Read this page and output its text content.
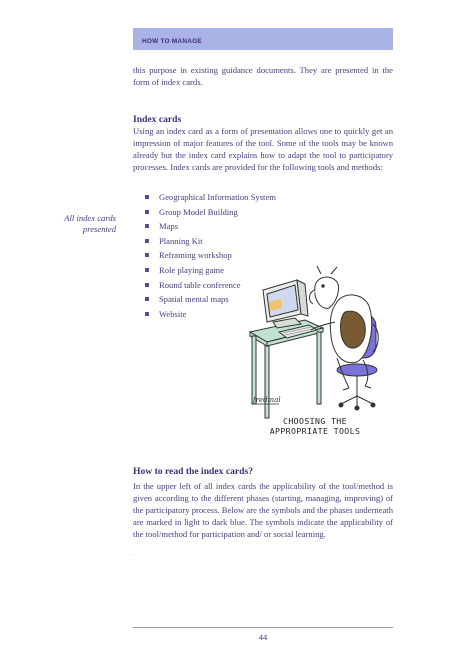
HOW TO MANAGE

this purpose in existing guidance documents. They are presented in the form of index cards.

Index cards

Using an index card as a form of presentation allows one to quickly get an impression of major features of the tool. Some of the tools may be known already but the index card explains how to adapt the tool to participatory processes. Index cards are provided for the following tools and methods:

All index cards
presented
Geographical Information System
Group Model Building
Maps
Planning Kit
Reframing workshop
Role playing game
Round table conference
Spatial mental maps
Website
fredmal
CHOOSING THE
APPROPRIATE TOOLS
How to read the index cards?

In the upper left of all index cards the applicability of the tool/method is given according to the different phases (starting, managing, improving) of the participatory process. Below are the symbols and the phases underneath are marked in light to dark blue. The symbols indicate the applicability of the tool/method for participation and/ or social learning.

.
44
